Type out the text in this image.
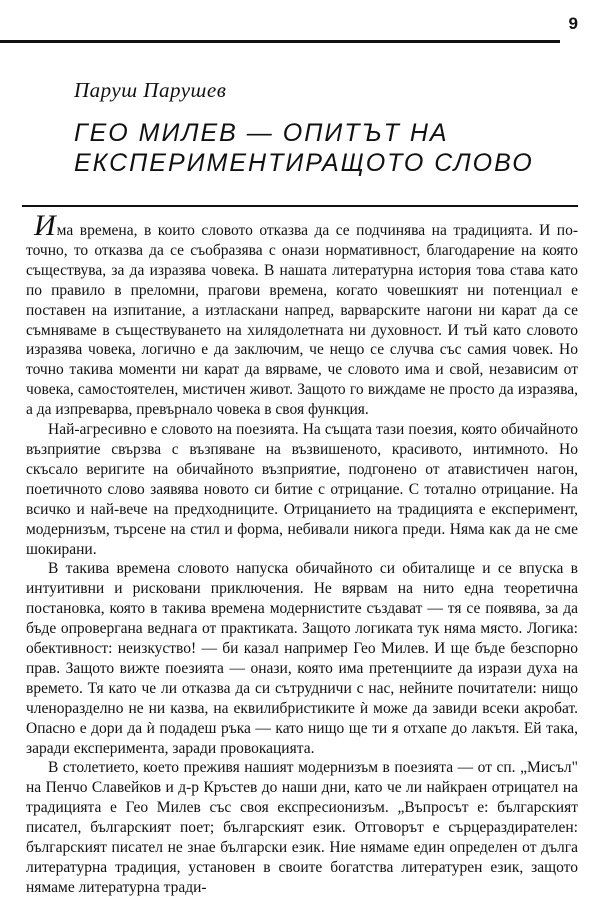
9
Паруш Парушев
ГЕО МИЛЕВ — ОПИТЪТ НА
ЕКСПЕРИМЕНТИРАЩОТО СЛОВО

Има времена, в които словото отказва да се подчинява на традицията. И по-точно, то отказва да се съобразява с онази нормативност, благодарение на която съществува, за да изразява човека. В нашата литературна история това става като по правило в преломни, прагови времена, когато човешкият ни потенциал е поставен на изпитание, а изтласкани напред, варварските нагони ни карат да се съмняваме в съществуването на хилядолетната ни духовност. И тъй като словото изразява човека, логично е да заключим, че нещо се случва със самия човек. Но точно такива моменти ни карат да вярваме, че словото има и свой, независим от човека, самостоятелен, мистичен живот. Защото го виждаме не просто да изразява, а да изпреварва, превърнало човека в своя функция.

Най-агресивно е словото на поезията. На същата тази поезия, която обичайното възприятие свързва с възпяване на възвишеното, красивото, интимното. Но скъсало веригите на обичайното възприятие, подгонено от атавистичен нагон, поетичното слово заявява новото си битие с отрицание. С тотално отрицание. На всичко и най-вече на предходниците. Отрицанието на традицията е експеримент, модернизъм, търсене на стил и форма, небивали никога преди. Няма как да не сме шокирани.

В такива времена словото напуска обичайното си обиталище и се впуска в интуитивни и рисковани приключения. Не вярвам на нито една теоретична постановка, която в такива времена модернистите създават — тя се появява, за да бъде опровергана веднага от практиката. Защото логиката тук няма място. Логика: обективност: неизкуство! — би казал например Гео Милев. И ще бъде безспорно прав. Защото вижте поезията — онази, която има претенциите да изрази духа на времето. Тя като че ли отказва да си сътрудничи с нас, нейните почитатели: нищо членоразделно не ни казва, на еквилибристиките ѝ може да завиди всеки акробат. Опасно е дори да ѝ подадеш ръка — като нищо ще ти я отхапе до лакътя. Ей така, заради експеримента, заради провокацията.

В столетието, което преживя нашият модернизъм в поезията — от сп. „Мисъл" на Пенчо Славейков и д-р Кръстев до наши дни, като че ли найкраен отрицател на традицията е Гео Милев със своя експресионизъм. „Въпросът е: българският писател, българският поет; българският език. Отговорът е сърцераздирателен: българският писател не знае български език. Ние нямаме един определен от дълга литературна традиция, установен в своите богатства литературен език, защото нямаме литературна тради-
